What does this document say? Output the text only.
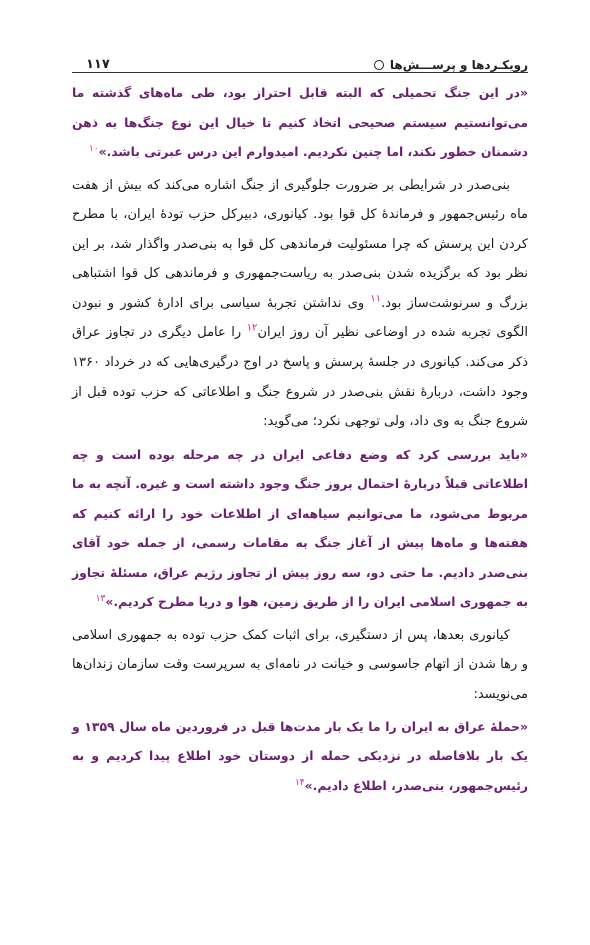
۱۱۷	رویکـردها و پرســـش‌ها

«در این جنگ تحمیلی که البته قابل احتراز بود، طی ماه‌های گذشته ما می‌توانستیم سیستم صحیحی اتخاذ کنیم تا خیال این نوع جنگ‌ها به ذهن دشمنان خطور نکند، اما چنین نکردیم. امیدوارم این درس عبرتی باشد.»$^{۱۰}$

بنی‌صدر در شرایطی بر ضرورت جلوگیری از جنگ اشاره می‌کند که بیش از هفت ماه رئیس‌جمهور و فرماندهٔ کل قوا بود. کیانوری، دبیرکل حزب تودهٔ ایران، با مطرح کردن این پرسش که چرا مسئولیت فرماندهی کل قوا به بنی‌صدر واگذار شد، بر این نظر بود که برگزیده شدن بنی‌صدر به ریاست‌جمهوری و فرماندهی کل قوا اشتباهی بزرگ و سرنوشت‌ساز بود.$^{۱۱}$ وی نداشتن تجربهٔ سیاسی برای ادارهٔ کشور و نبودن الگوی تجربه شده در اوضاعی نظیر آن روز ایران$^{۱۲}$ را عامل دیگری در تجاوز عراق ذکر می‌کند. کیانوری در جلسهٔ پرسش و پاسخ در اوج درگیری‌هایی که در خرداد ۱۳۶۰ وجود داشت، دربارهٔ نقش بنی‌صدر در شروع جنگ و اطلاعاتی که حزب توده قبل از شروع جنگ به وی داد، ولی توجهی نکرد؛ می‌گوید:

«باید بررسی کرد که وضع دفاعی ایران در چه مرحله بوده است و چه اطلاعاتی قبلاً دربارهٔ احتمال بروز جنگ وجود داشته است و غیره. آنچه به ما مربوط می‌شود، ما می‌توانیم سیاهه‌ای از اطلاعات خود را ارائه کنیم که هفته‌ها و ماه‌ها پیش از آغاز جنگ به مقامات رسمی، از جمله خود آقای بنی‌صدر دادیم. ما حتی دو، سه روز پیش از تجاوز رژیم عراق، مسئلهٔ تجاوز به جمهوری اسلامی ایران را از طریق زمین، هوا و دریا مطرح کردیم.»$^{۱۳}$

کیانوری بعدها، پس از دستگیری، برای اثبات کمک حزب توده به جمهوری اسلامی و رها شدن از اتهام جاسوسی و خیانت در نامه‌ای به سرپرست وقت سازمان زندان‌ها می‌نویسد:

«حملهٔ عراق به ایران را ما یک بار مدت‌ها قبل در فروردین ماه سال ۱۳۵۹ و یک بار بلافاصله در نزدیکی حمله از دوستان خود اطلاع پیدا کردیم و به رئیس‌جمهور، بنی‌صدر، اطلاع دادیم.»$^{۱۴}$
